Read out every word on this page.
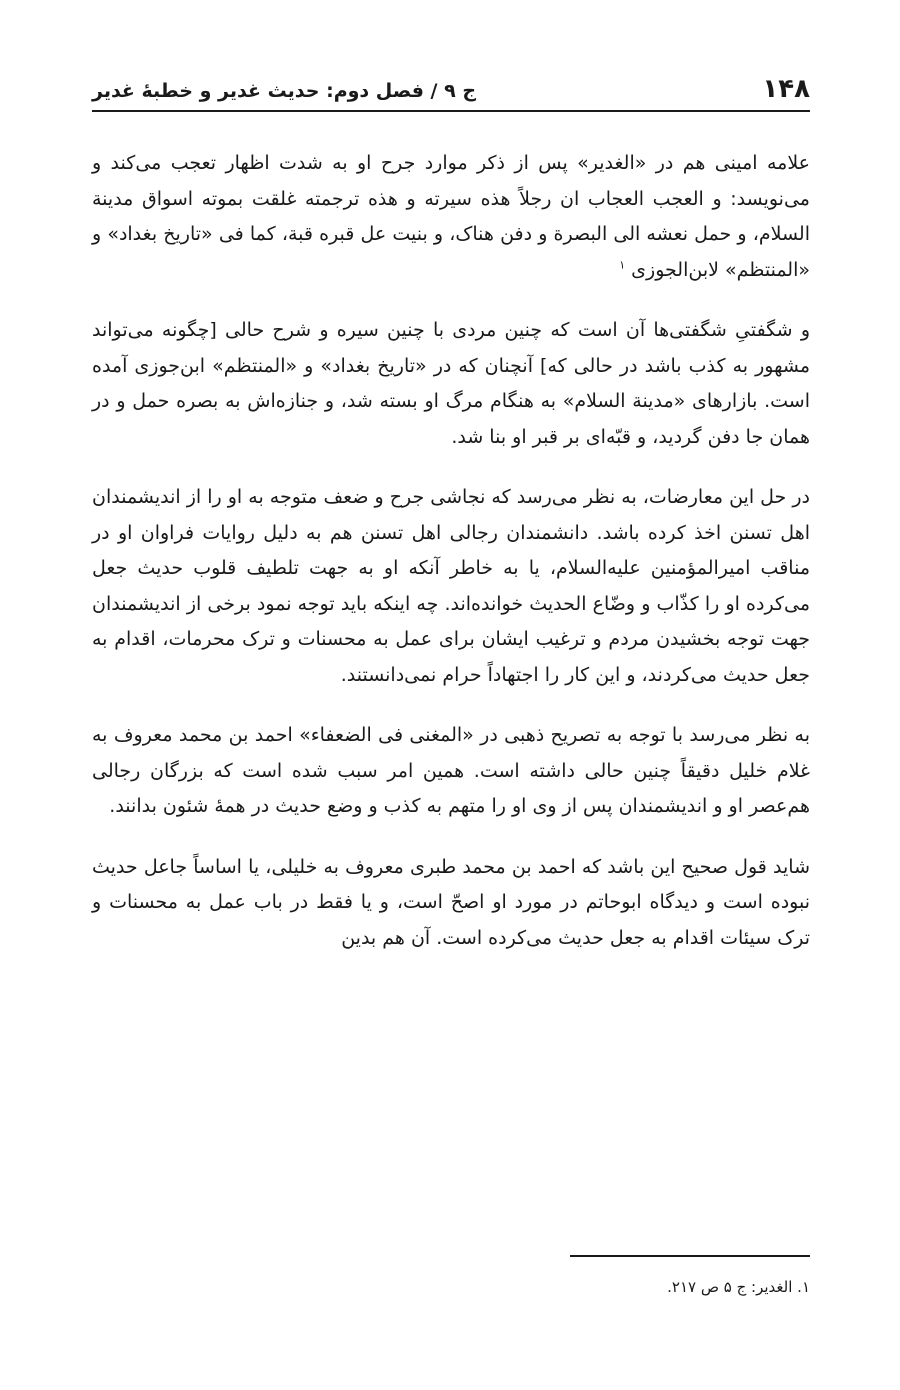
۱۴۸
ج ۹ / فصل دوم: حدیث غدیر و خطبهٔ غدیر

علامه امینی هم در «الغدیر» پس از ذکر موارد جرح او به شدت اظهار تعجب می‌کند و می‌نویسد: و العجب العجاب ان رجلاً هذه سیرته و هذه ترجمته غلقت بموته اسواق مدینة السلام، و حمل نعشه الی البصرة و دفن هناک، و بنیت عل قبره قبة، کما فی «تاریخ بغداد» و «المنتظم» لابن‌الجوزی $^۱$

و شگفتیِ شگفتی‌ها آن است که چنین مردی با چنین سیره و شرح حالی [چگونه می‌تواند مشهور به کذب باشد در حالی که] آنچنان که در «تاریخ بغداد» و «المنتظم» ابن‌جوزی آمده است. بازارهای «مدینة السلام» به هنگام مرگ او بسته شد، و جنازه‌اش به بصره حمل و در همان جا دفن گردید، و قبّه‌ای بر قبر او بنا شد.

در حل این معارضات، به نظر می‌رسد که نجاشی جرح و ضعف متوجه به او را از اندیشمندان اهل تسنن اخذ کرده باشد. دانشمندان رجالی اهل تسنن هم به دلیل روایات فراوان او در مناقب امیرالمؤمنین علیه‌السلام، یا به خاطر آنکه او به جهت تلطیف قلوب حدیث جعل می‌کرده او را کذّاب و وضّاع الحدیث خوانده‌اند. چه اینکه باید توجه نمود برخی از اندیشمندان جهت توجه بخشیدن مردم و ترغیب ایشان برای عمل به محسنات و ترک محرمات، اقدام به جعل حدیث می‌کردند، و این کار را اجتهاداً حرام نمی‌دانستند.

به نظر می‌رسد با توجه به تصریح ذهبی در «المغنی فی الضعفاء» احمد بن محمد معروف به غلام خلیل دقیقاً چنین حالی داشته است. همین امر سبب شده است که بزرگان رجالی هم‌عصر او و اندیشمندان پس از وی او را متهم به کذب و وضع حدیث در همهٔ شئون بدانند.

شاید قول صحیح این باشد که احمد بن محمد طبری معروف به خلیلی، یا اساساً جاعل حدیث نبوده است و دیدگاه ابوحاتم در مورد او اصحّ است، و یا فقط در باب عمل به محسنات و ترک سیئات اقدام به جعل حدیث می‌کرده است. آن هم بدین

۱. الغدیر: ج ۵ ص ۲۱۷.
